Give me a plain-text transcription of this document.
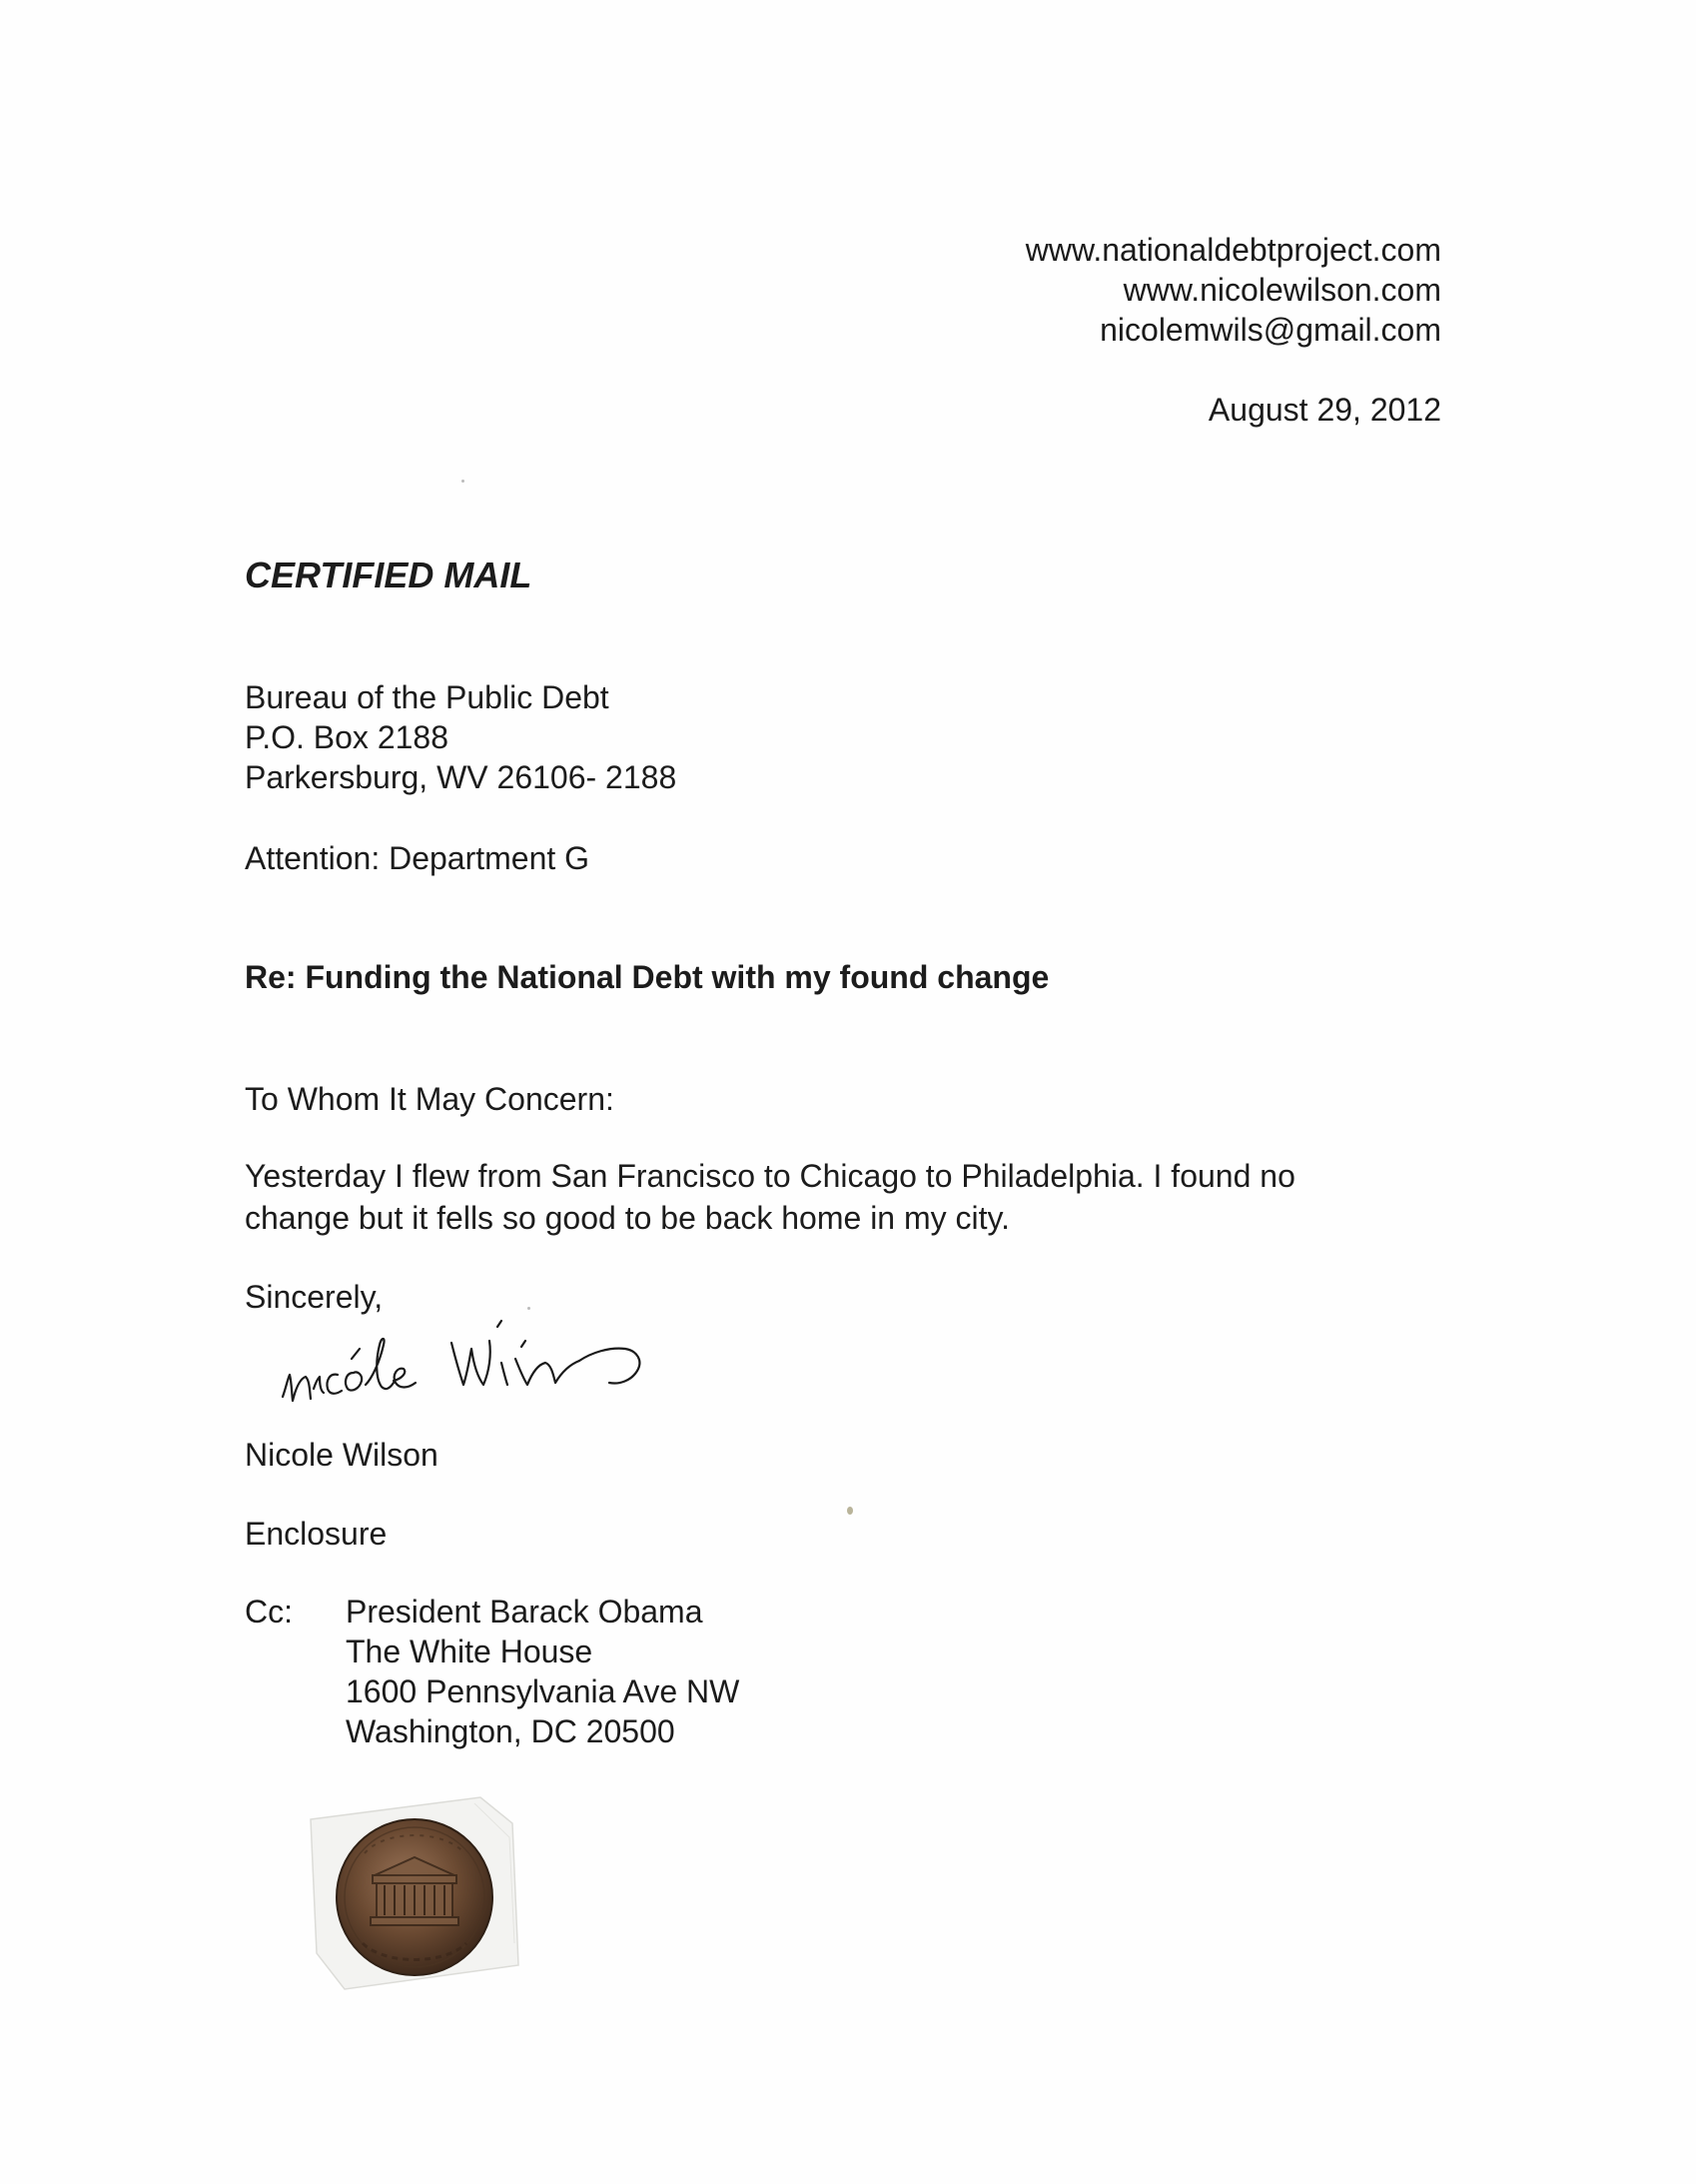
www.nationaldebtproject.com
www.nicolewilson.com
nicolemwils@gmail.com
August 29, 2012
CERTIFIED MAIL
Bureau of the Public Debt
P.O. Box 2188
Parkersburg, WV 26106- 2188
Attention: Department G
Re: Funding the National Debt with my found change
To Whom It May Concern:
Yesterday I flew from San Francisco to Chicago to Philadelphia. I found no
change but it fells so good to be back home in my city.
Sincerely,
Nicole Wilson
Enclosure
Cc: President Barack Obama
The White House
1600 Pennsylvania Ave NW
Washington, DC 20500
